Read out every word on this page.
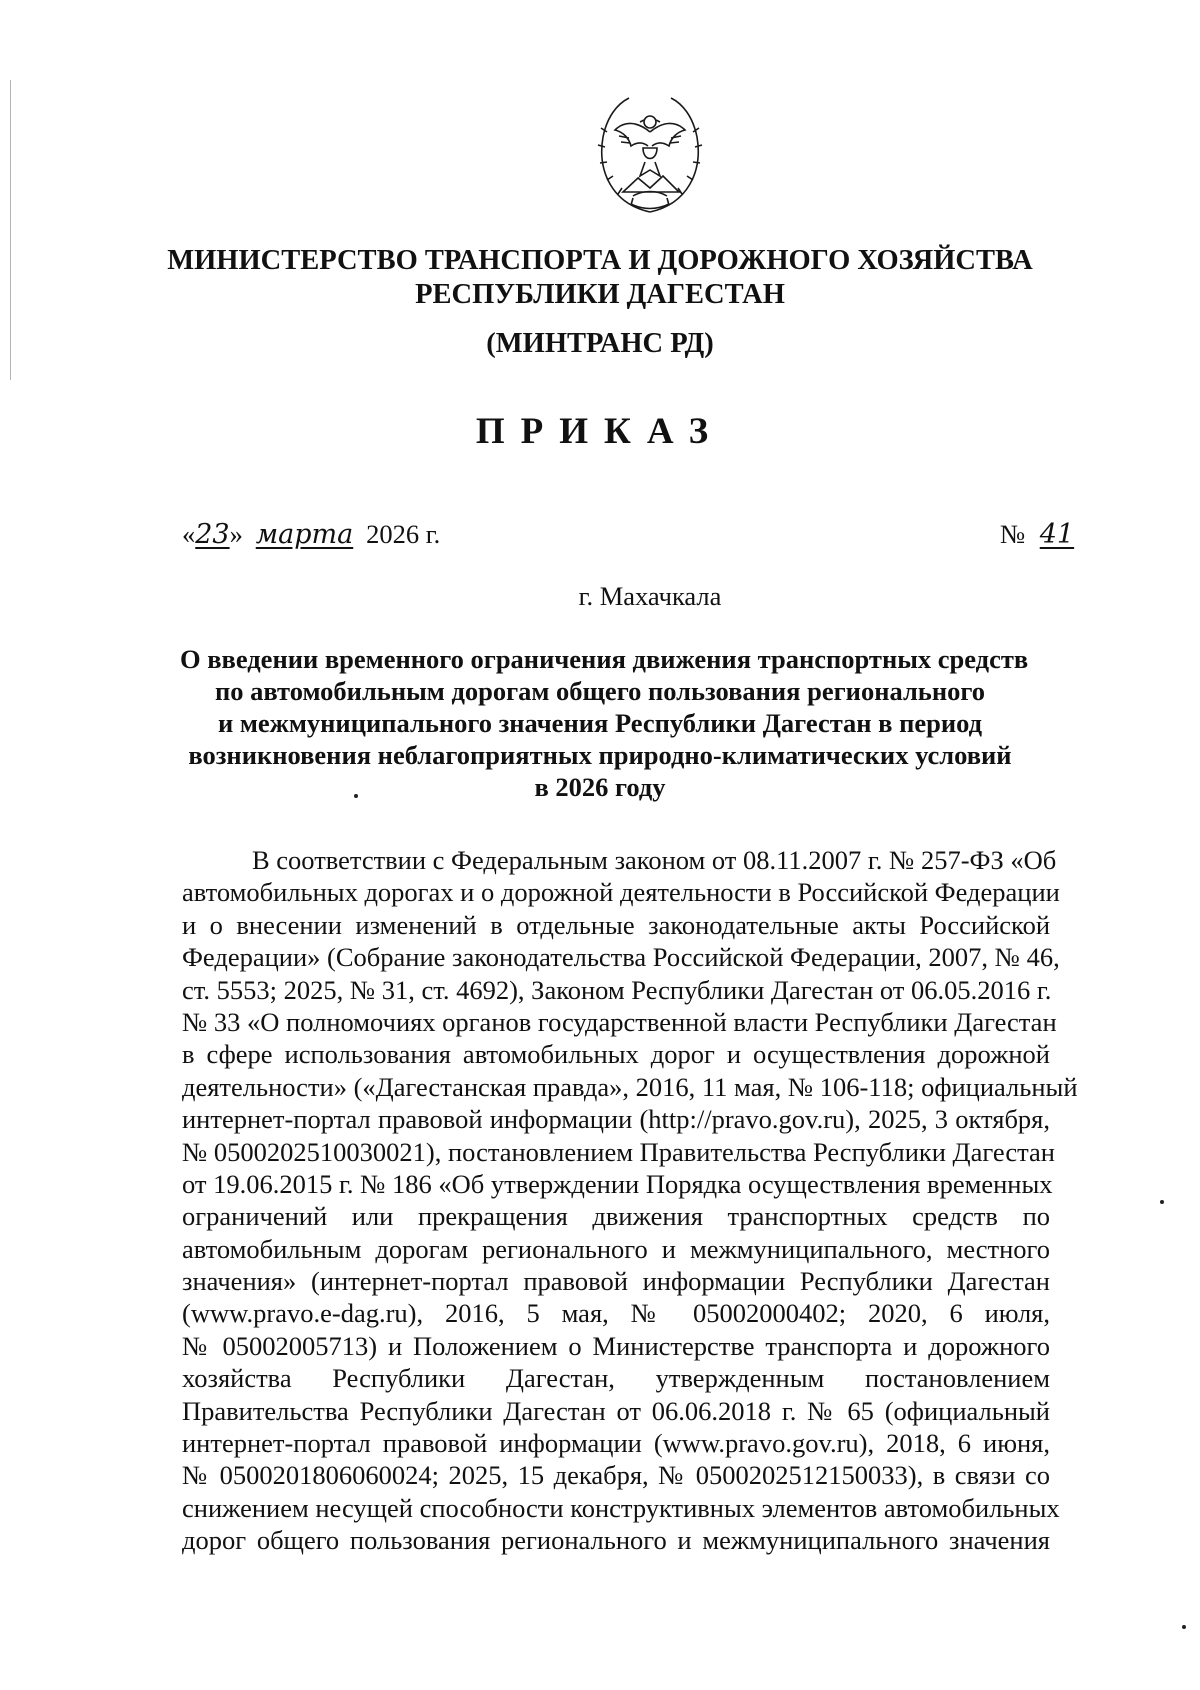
МИНИСТЕРСТВО ТРАНСПОРТА И ДОРОЖНОГО ХОЗЯЙСТВА
РЕСПУБЛИКИ ДАГЕСТАН
(МИНТРАНС РД)
ПРИКАЗ
«23» марта 2026 г.	№ 41
г. Махачкала
О введении временного ограничения движения транспортных средств
по автомобильным дорогам общего пользования регионального
и межмуниципального значения Республики Дагестан в период
возникновения неблагоприятных природно-климатических условий
в 2026 году
В соответствии с Федеральным законом от 08.11.2007 г. № 257-ФЗ «Об
автомобильных дорогах и о дорожной деятельности в Российской Федерации
и о внесении изменений в отдельные законодательные акты Российской
Федерации» (Собрание законодательства Российской Федерации, 2007, № 46,
ст. 5553; 2025, № 31, ст. 4692), Законом Республики Дагестан от 06.05.2016 г.
№ 33 «О полномочиях органов государственной власти Республики Дагестан
в сфере использования автомобильных дорог и осуществления дорожной
деятельности» («Дагестанская правда», 2016, 11 мая, № 106-118; официальный
интернет-портал правовой информации (http://pravo.gov.ru), 2025, 3 октября,
№ 0500202510030021), постановлением Правительства Республики Дагестан
от 19.06.2015 г. № 186 «Об утверждении Порядка осуществления временных
ограничений или прекращения движения транспортных средств по
автомобильным дорогам регионального и межмуниципального, местного
значения» (интернет-портал правовой информации Республики Дагестан
(www.pravo.e-dag.ru), 2016, 5 мая, № 05002000402; 2020, 6 июля,
№ 05002005713) и Положением о Министерстве транспорта и дорожного
хозяйства Республики Дагестан, утвержденным постановлением
Правительства Республики Дагестан от 06.06.2018 г. № 65 (официальный
интернет-портал правовой информации (www.pravo.gov.ru), 2018, 6 июня,
№ 0500201806060024; 2025, 15 декабря, № 0500202512150033), в связи со
снижением несущей способности конструктивных элементов автомобильных
дорог общего пользования регионального и межмуниципального значения
